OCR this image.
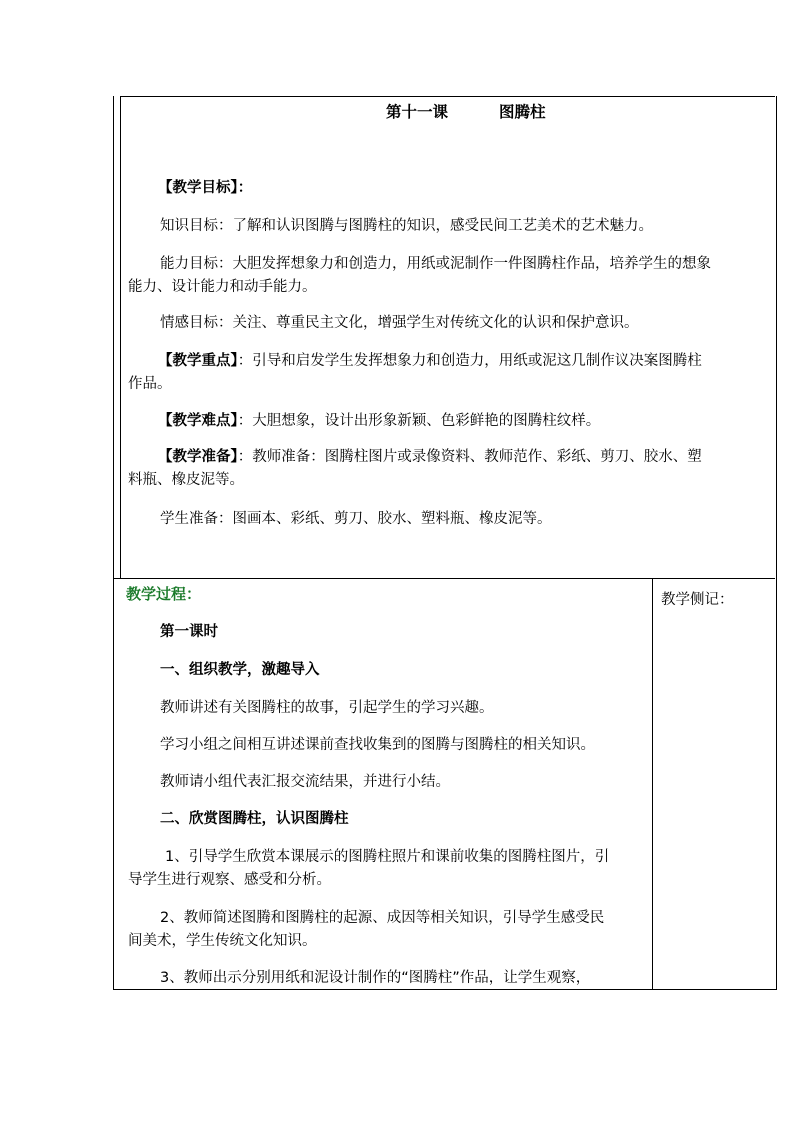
第十一课	图腾柱
【教学目标】：
知识目标：了解和认识图腾与图腾柱的知识，感受民间工艺美术的艺术魅力。
能力目标：大胆发挥想象力和创造力，用纸或泥制作一件图腾柱作品，培养学生的想象
能力、设计能力和动手能力。
情感目标：关注、尊重民主文化，增强学生对传统文化的认识和保护意识。
【教学重点】：引导和启发学生发挥想象力和创造力，用纸或泥这几制作议决案图腾柱
作品。
【教学难点】：大胆想象，设计出形象新颖、色彩鲜艳的图腾柱纹样。
【教学准备】：教师准备：图腾柱图片或录像资料、教师范作、彩纸、剪刀、胶水、塑
料瓶、橡皮泥等。
学生准备：图画本、彩纸、剪刀、胶水、塑料瓶、橡皮泥等。
教学过程：	教学侧记：
第一课时
一、组织教学，激趣导入
教师讲述有关图腾柱的故事，引起学生的学习兴趣。
学习小组之间相互讲述课前查找收集到的图腾与图腾柱的相关知识。
教师请小组代表汇报交流结果，并进行小结。
二、欣赏图腾柱，认识图腾柱
1、引导学生欣赏本课展示的图腾柱照片和课前收集的图腾柱图片，引
导学生进行观察、感受和分析。
2、教师简述图腾和图腾柱的起源、成因等相关知识，引导学生感受民
间美术，学生传统文化知识。
3、教师出示分别用纸和泥设计制作的“图腾柱”作品，让学生观察，
